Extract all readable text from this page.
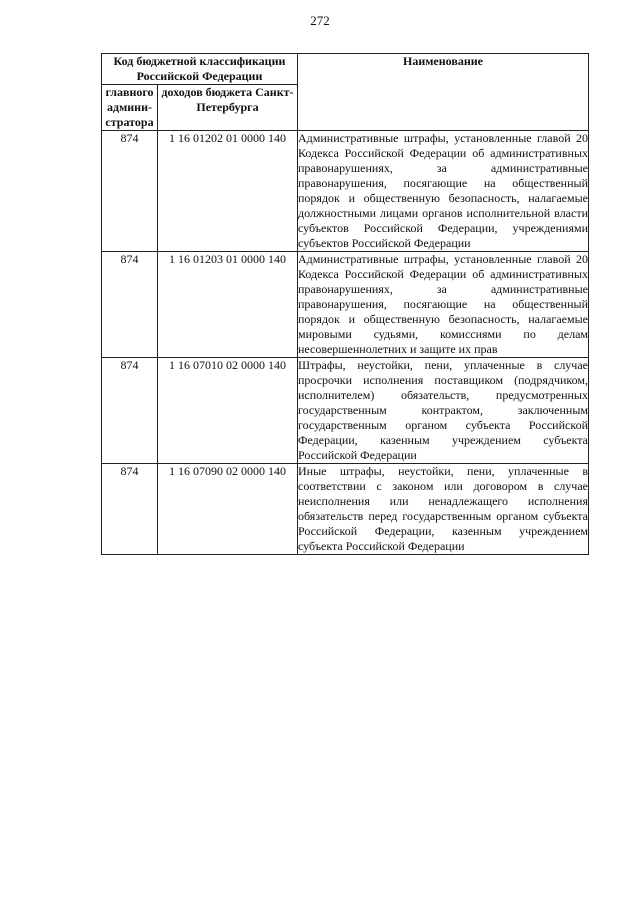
272
Код бюджетной классификации Российской Федерации		Наименование
главного админи-стратора	доходов бюджета Санкт-Петербурга	
874	1 16 01202 01 0000 140	Административные штрафы, установленные главой 20 Кодекса Российской Федерации об административных правонарушениях, за административные правонарушения, посягающие на общественный порядок и общественную безопасность, налагаемые должностными лицами органов исполнительной власти субъектов Российской Федерации, учреждениями субъектов Российской Федерации
874	1 16 01203 01 0000 140	Административные штрафы, установленные главой 20 Кодекса Российской Федерации об административных правонарушениях, за административные правонарушения, посягающие на общественный порядок и общественную безопасность, налагаемые мировыми судьями, комиссиями по делам несовершеннолетних и защите их прав
874	1 16 07010 02 0000 140	Штрафы, неустойки, пени, уплаченные в случае просрочки исполнения поставщиком (подрядчиком, исполнителем) обязательств, предусмотренных государственным контрактом, заключенным государственным органом субъекта Российской Федерации, казенным учреждением субъекта Российской Федерации
874	1 16 07090 02 0000 140	Иные штрафы, неустойки, пени, уплаченные в соответствии с законом или договором в случае неисполнения или ненадлежащего исполнения обязательств перед государственным органом субъекта Российской Федерации, казенным учреждением субъекта Российской Федерации
